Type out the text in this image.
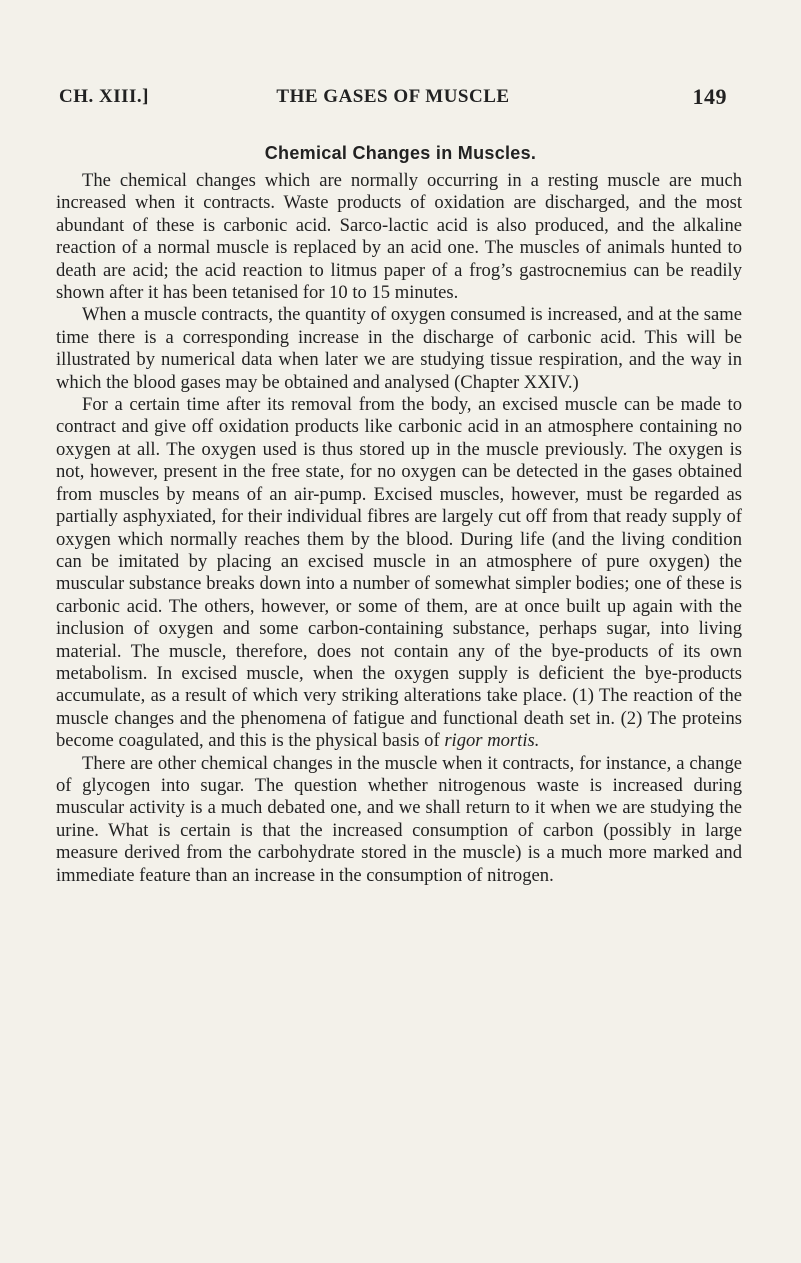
CH. XIII.]	THE GASES OF MUSCLE	149
Chemical Changes in Muscles.

The chemical changes which are normally occurring in a resting muscle are much increased when it contracts. Waste products of oxidation are discharged, and the most abundant of these is carbonic acid. Sarco-lactic acid is also produced, and the alkaline reaction of a normal muscle is replaced by an acid one. The muscles of animals hunted to death are acid; the acid reaction to litmus paper of a frog’s gastrocnemius can be readily shown after it has been tetanised for 10 to 15 minutes.

When a muscle contracts, the quantity of oxygen consumed is increased, and at the same time there is a corresponding increase in the discharge of carbonic acid. This will be illustrated by numerical data when later we are studying tissue respiration, and the way in which the blood gases may be obtained and analysed (Chapter XXIV.)

For a certain time after its removal from the body, an excised muscle can be made to contract and give off oxidation products like carbonic acid in an atmosphere containing no oxygen at all. The oxygen used is thus stored up in the muscle previously. The oxygen is not, however, present in the free state, for no oxygen can be detected in the gases obtained from muscles by means of an air-pump. Excised muscles, however, must be regarded as partially asphyxiated, for their individual fibres are largely cut off from that ready supply of oxygen which normally reaches them by the blood. During life (and the living condition can be imitated by placing an excised muscle in an atmosphere of pure oxygen) the muscular substance breaks down into a number of somewhat simpler bodies; one of these is carbonic acid. The others, however, or some of them, are at once built up again with the inclusion of oxygen and some carbon-containing substance, perhaps sugar, into living material. The muscle, therefore, does not contain any of the bye-products of its own metabolism. In excised muscle, when the oxygen supply is deficient the bye-products accumulate, as a result of which very striking alterations take place. (1) The reaction of the muscle changes and the phenomena of fatigue and functional death set in. (2) The proteins become coagulated, and this is the physical basis of rigor mortis.

There are other chemical changes in the muscle when it contracts, for instance, a change of glycogen into sugar. The question whether nitrogenous waste is increased during muscular activity is a much debated one, and we shall return to it when we are studying the urine. What is certain is that the increased consumption of carbon (possibly in large measure derived from the carbohydrate stored in the muscle) is a much more marked and immediate feature than an increase in the consumption of nitrogen.
